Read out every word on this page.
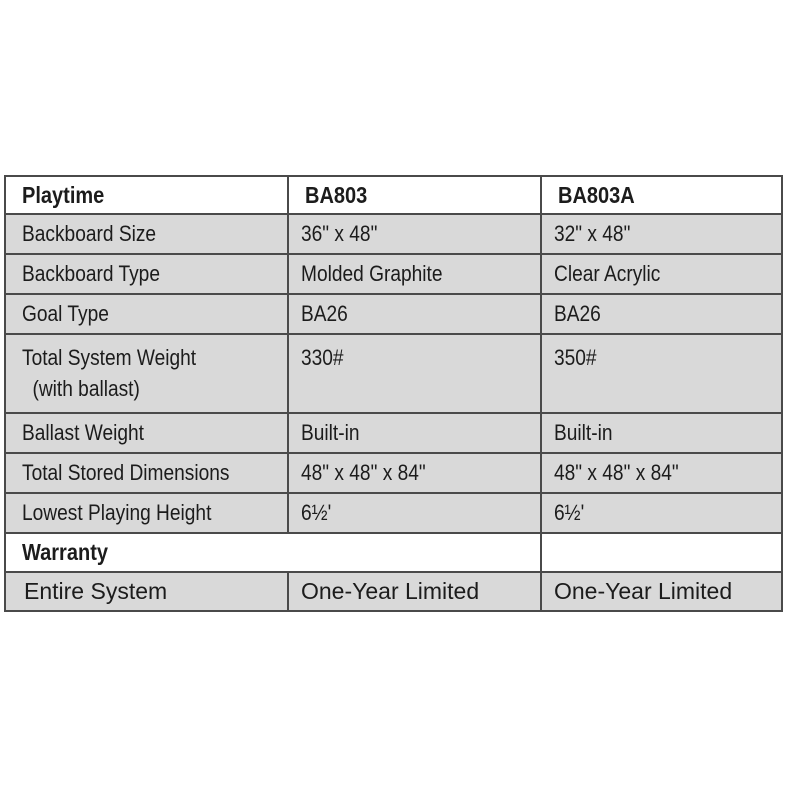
Playtime	BA803	BA803A
Backboard Size	36" x 48"	32" x 48"
Backboard Type	Molded Graphite	Clear Acrylic
Goal Type	BA26	BA26
Total System Weight
(with ballast)	330#	350#
Ballast Weight	Built-in	Built-in
Total Stored Dimensions	48" x 48" x 84"	48" x 48" x 84"
Lowest Playing Height	6½'	6½'
Warranty		
Entire System	One-Year Limited	One-Year Limited
